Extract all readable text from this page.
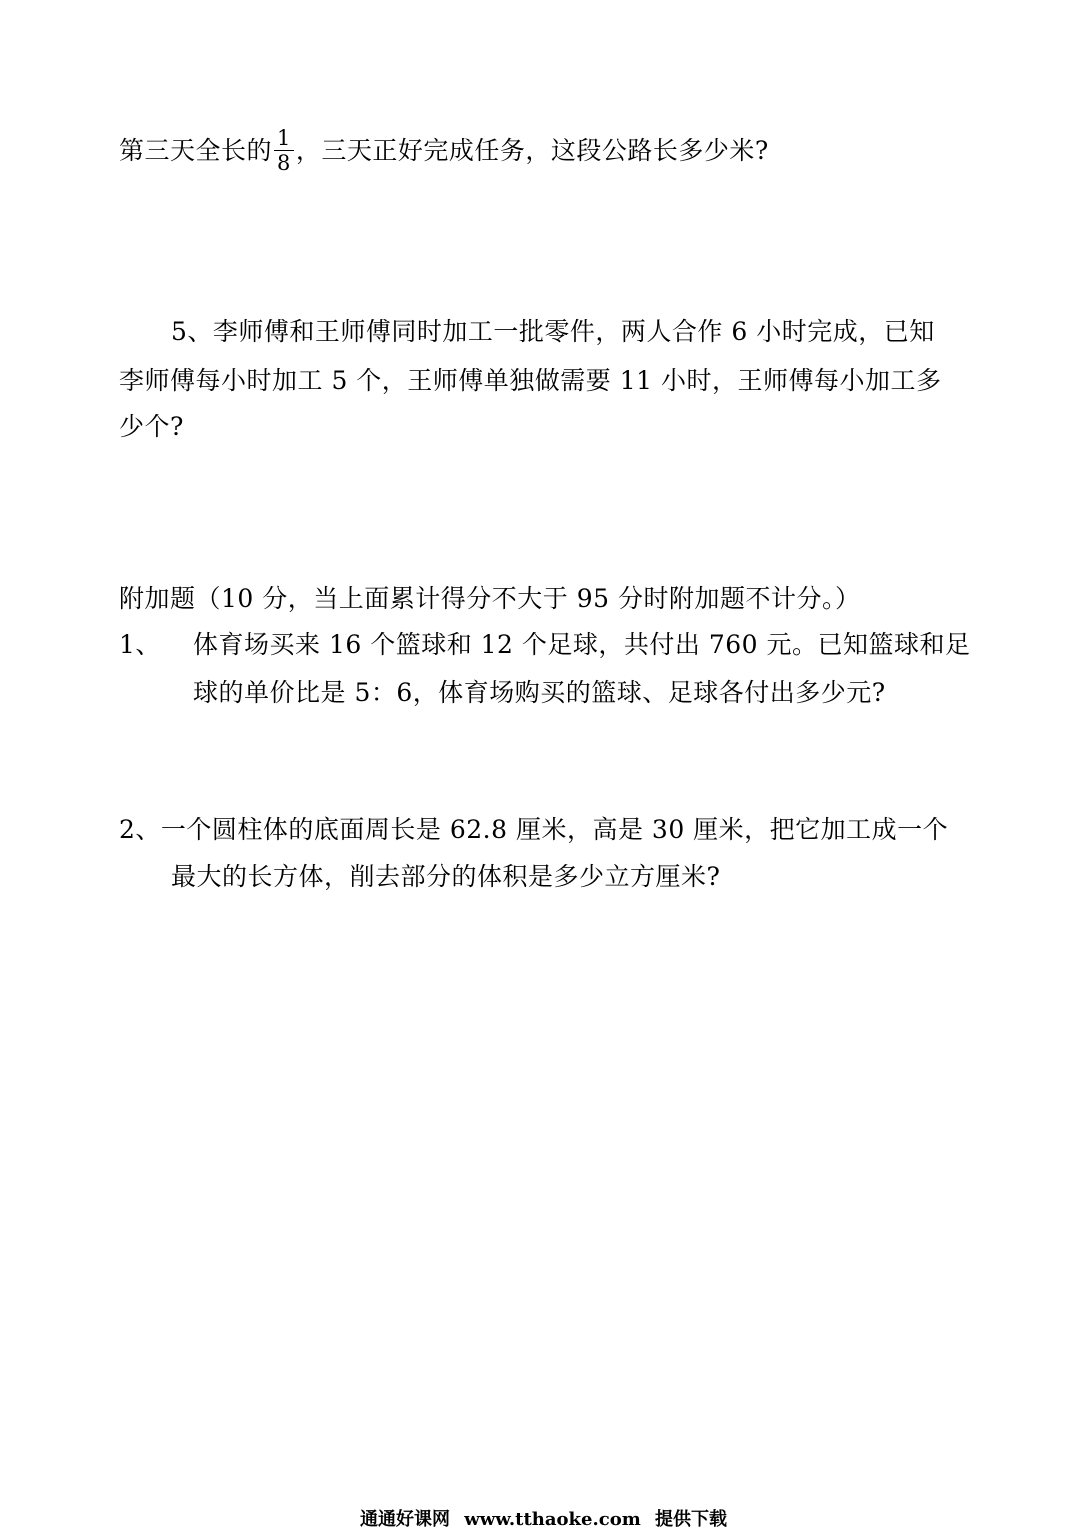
第三天全长的 $\frac{1}{8}$ ，三天正好完成任务，这段公路长多少米?
5、李师傅和王师傅同时加工一批零件，两人合作 6 小时完成，已知
李师傅每小时加工 5 个，王师傅单独做需要 11 小时，王师傅每小加工多
少个?
附加题（10 分，当上面累计得分不大于 95 分时附加题不计分。）
1、 体育场买来 16 个篮球和 12 个足球，共付出 760 元。已知篮球和足
球的单价比是 5：6，体育场购买的篮球、足球各付出多少元?
2、一个圆柱体的底面周长是 62.8 厘米，高是 30 厘米，把它加工成一个
最大的长方体，削去部分的体积是多少立方厘米?
通通好课网 www.tthaoke.com 提供下载
